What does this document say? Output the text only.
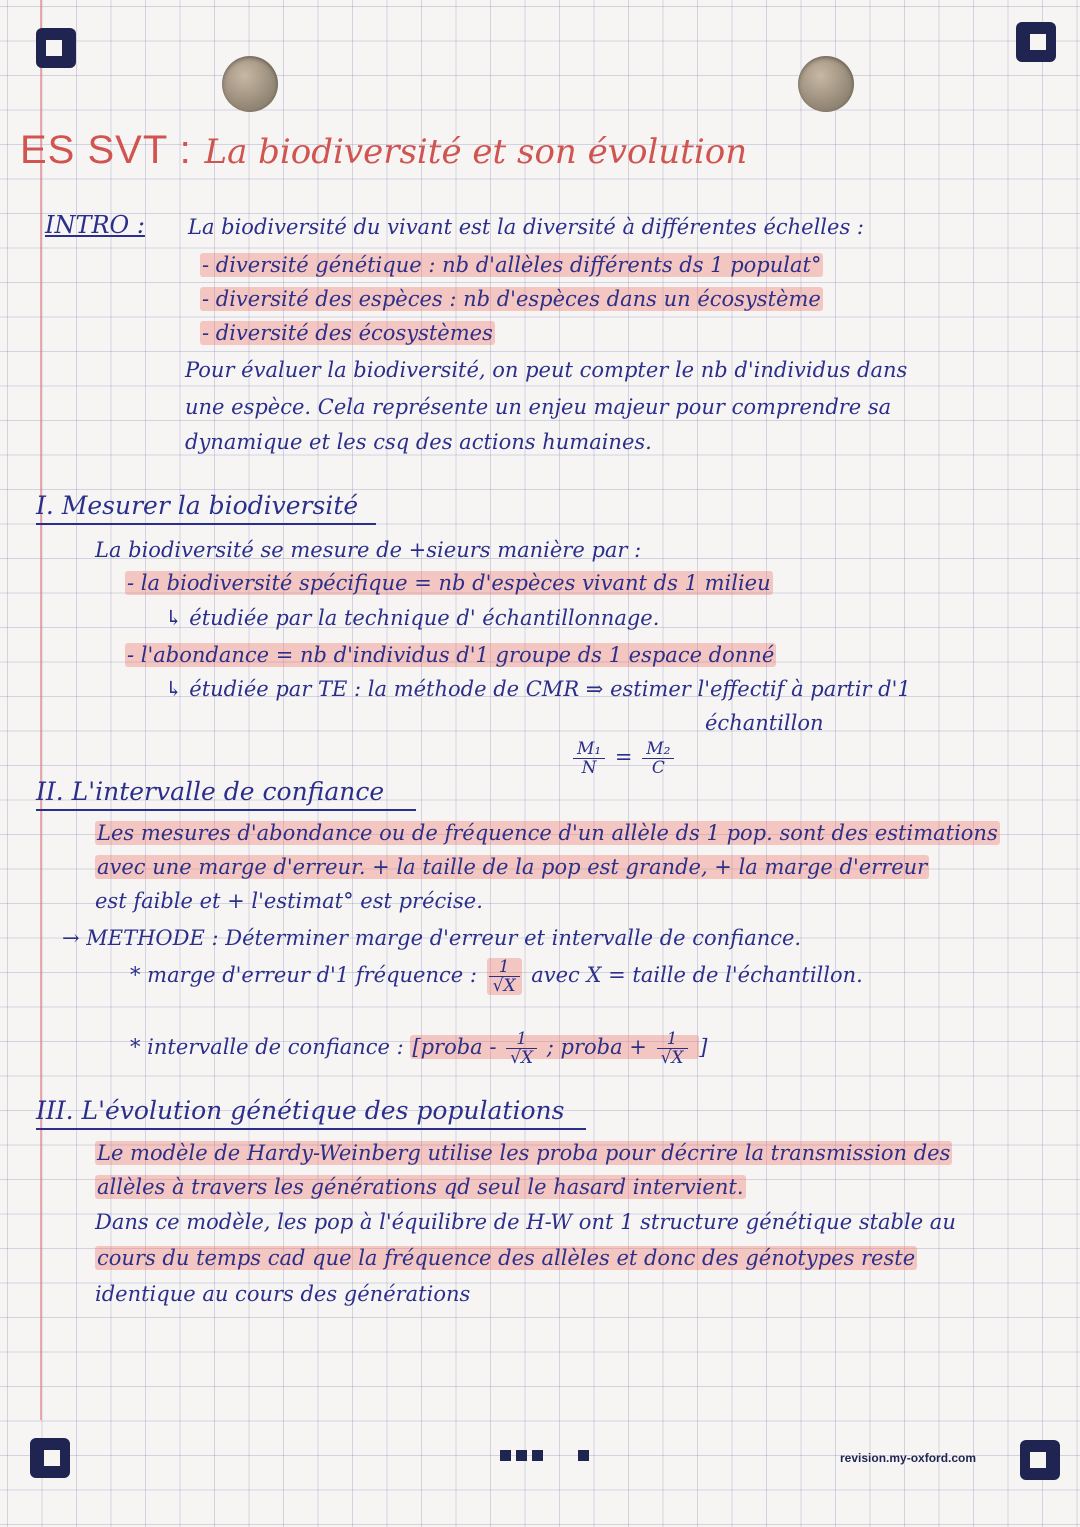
ES SVT : La biodiversité et son évolution
INTRO : La biodiversité du vivant est la diversité à différentes échelles :
- diversité génétique : nb d'allèles différents ds 1 populat°
- diversité des espèces : nb d'espèces dans un écosystème
- diversité des écosystèmes
Pour évaluer la biodiversité, on peut compter le nb d'individus dans
une espèce. Cela représente un enjeu majeur pour comprendre sa
dynamique et les csq des actions humaines.
I. Mesurer la biodiversité
La biodiversité se mesure de +sieurs manière par :
- la biodiversité spécifique = nb d'espèces vivant ds 1 milieu
↳ étudiée par la technique d' échantillonnage.
- l'abondance = nb d'individus d'1 groupe ds 1 espace donné
↳ étudiée par TE : la méthode de CMR ⇒ estimer l'effectif à partir d'1
échantillon
$\frac{\text{M₁}}{N} = \frac{\text{M₂}}{C}$
II. L'intervalle de confiance
Les mesures d'abondance ou de fréquence d'un allèle ds 1 pop. sont des estimations
avec une marge d'erreur. + la taille de la pop est grande, + la marge d'erreur
est faible et + l'estimat° est précise.
→ METHODE : Déterminer marge d'erreur et intervalle de confiance.
* marge d'erreur d'1 fréquence : $\frac{1}{√X}$ avec X = taille de l'échantillon.
* intervalle de confiance : [proba - $\frac{1}{√X}$ ; proba + $\frac{1}{√X}$ ]
III. L'évolution génétique des populations
Le modèle de Hardy-Weinberg utilise les proba pour décrire la transmission des
allèles à travers les générations qd seul le hasard intervient.
Dans ce modèle, les pop à l'équilibre de H-W ont 1 structure génétique stable au
cours du temps cad que la fréquence des allèles et donc des génotypes reste
identique au cours des générations
revision.my-oxford.com
